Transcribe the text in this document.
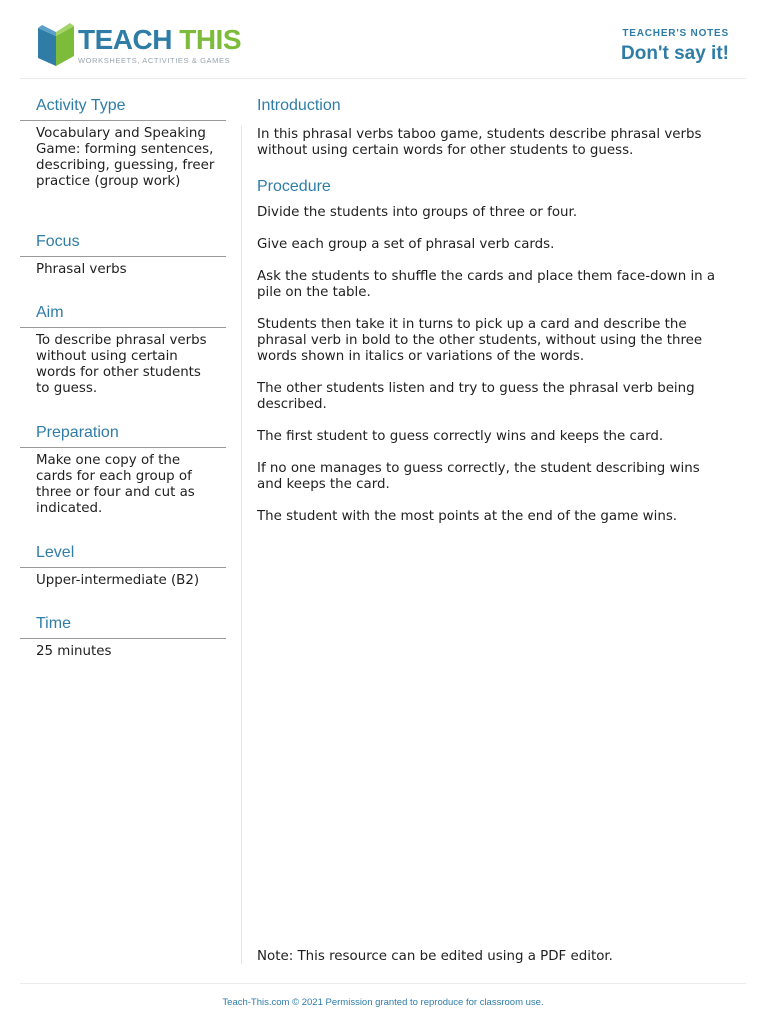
TEACH THIS
WORKSHEETS, ACTIVITIES & GAMES
TEACHER'S NOTES
Don't say it!
Activity Type
Vocabulary and Speaking Game: forming sentences, describing, guessing, freer practice (group work)
Focus
Phrasal verbs
Aim
To describe phrasal verbs without using certain words for other students to guess.
Preparation
Make one copy of the cards for each group of three or four and cut as indicated.
Level
Upper-intermediate (B2)
Time
25 minutes
Introduction

In this phrasal verbs taboo game, students describe phrasal verbs without using certain words for other students to guess.

Procedure

Divide the students into groups of three or four.

Give each group a set of phrasal verb cards.

Ask the students to shuffle the cards and place them face-down in a pile on the table.

Students then take it in turns to pick up a card and describe the phrasal verb in bold to the other students, without using the three words shown in italics or variations of the words.

The other students listen and try to guess the phrasal verb being described.

The first student to guess correctly wins and keeps the card.

If no one manages to guess correctly, the student describing wins and keeps the card.

The student with the most points at the end of the game wins.

Note: This resource can be edited using a PDF editor.
Teach-This.com © 2021 Permission granted to reproduce for classroom use.
